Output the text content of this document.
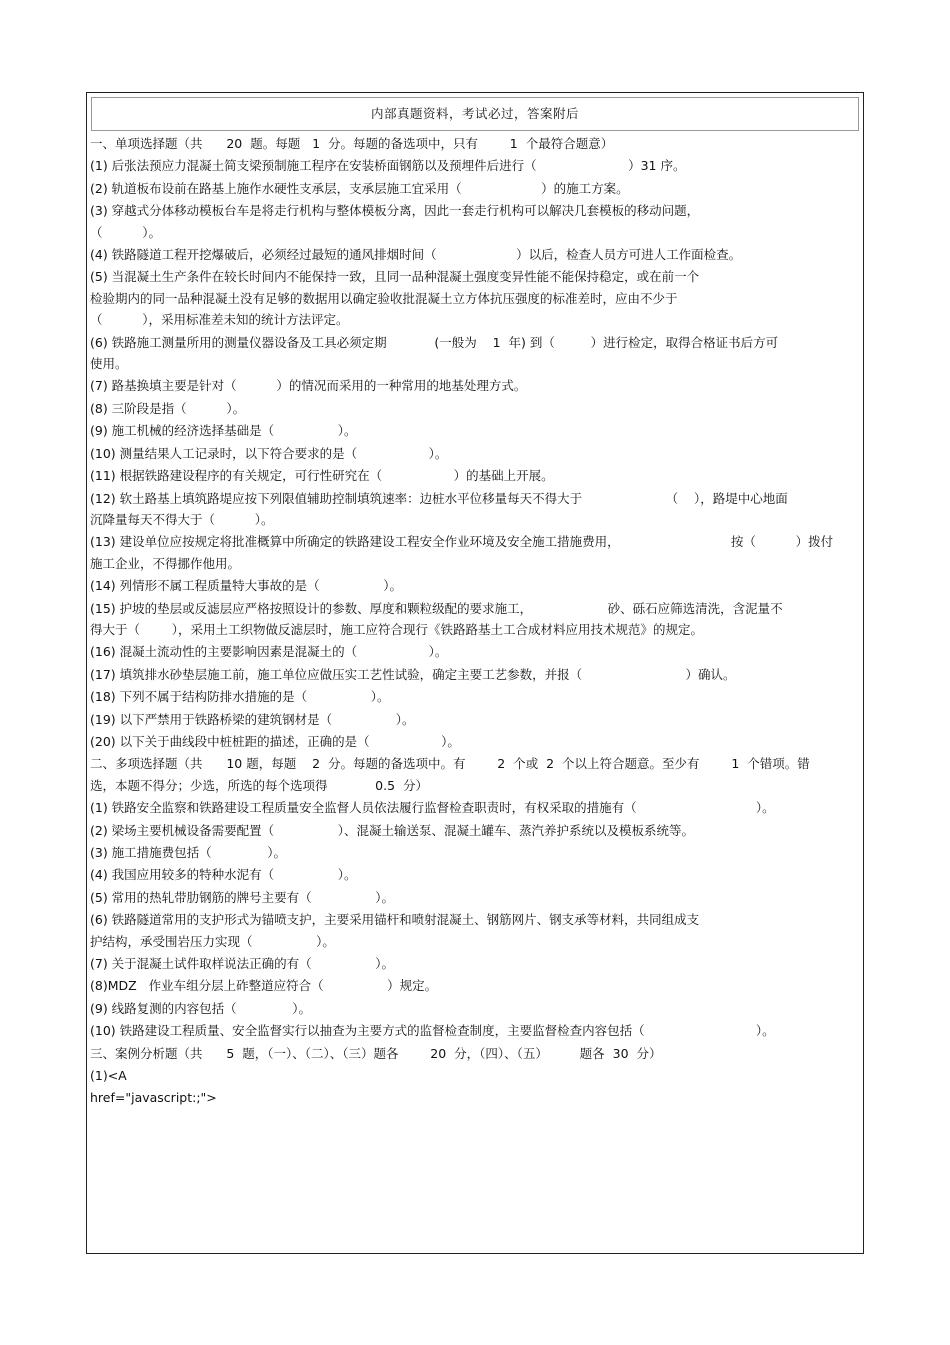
内部真题资料，考试必过，答案附后
一、单项选择题（共      20  题。每题   1  分。每题的备选项中，只有        1  个最符合题意）
(1) 后张法预应力混凝土简支梁预制施工程序在安装桥面钢筋以及预埋件后进行（                       ）31 序。
(2) 轨道板布设前在路基上施作水硬性支承层，支承层施工宜采用（                    ）的施工方案。
(3) 穿越式分体移动模板台车是将走行机构与整体模板分离，因此一套走行机构可以解决几套模板的移动问题，
（          ）。
(4) 铁路隧道工程开挖爆破后，必须经过最短的通风排烟时间（                    ）以后，检查人员方可进人工作面检查。
(5) 当混凝土生产条件在较长时间内不能保持一致，且同一品种混凝土强度变异性能不能保持稳定，或在前一个
检验期内的同一品种混凝土没有足够的数据用以确定验收批混凝土立方体抗压强度的标准差时，应由不少于
（          ），采用标准差未知的统计方法评定。
(6) 铁路施工测量所用的测量仪器设备及工具必须定期            (一般为    1  年) 到（         ）进行检定，取得合格证书后方可
使用。
(7) 路基换填主要是针对（          ）的情况而采用的一种常用的地基处理方式。
(8) 三阶段是指（          ）。
(9) 施工机械的经济选择基础是（                ）。
(10) 测量结果人工记录时，以下符合要求的是（                  ）。
(11) 根据铁路建设程序的有关规定，可行性研究在（                  ）的基础上开展。
(12) 软土路基上填筑路堤应按下列限值辅助控制填筑速率：边桩水平位移量每天不得大于                     （    ），路堤中心地面
沉降量每天不得大于（          ）。
(13) 建设单位应按规定将批准概算中所确定的铁路建设工程安全作业环境及安全施工措施费用，                            按（          ）拨付
施工企业，不得挪作他用。
(14) 列情形不属工程质量特大事故的是（                ）。
(15) 护坡的垫层或反滤层应严格按照设计的参数、厚度和颗粒级配的要求施工，                   砂、砾石应筛选清洗，含泥量不
得大于（        ），采用土工织物做反滤层时，施工应符合现行《铁路路基土工合成材料应用技术规范》的规定。
(16) 混凝土流动性的主要影响因素是混凝土的（                  ）。
(17) 填筑排水砂垫层施工前，施工单位应做压实工艺性试验，确定主要工艺参数，并报（                          ）确认。
(18) 下列不属于结构防排水措施的是（                ）。
(19) 以下严禁用于铁路桥梁的建筑钢材是（                ）。
(20) 以下关于曲线段中桩桩距的描述，正确的是（                  ）。
二、多项选择题（共      10 题，每题    2  分。每题的备选项中。有        2  个或  2  个以上符合题意。至少有        1  个错项。错
选，本题不得分；少选，所选的每个选项得            0.5  分）
(1) 铁路安全监察和铁路建设工程质量安全监督人员依法履行监督检查职责时，有权采取的措施有（                              ）。
(2) 梁场主要机械设备需要配置（                ）、混凝土输送泵、混凝土罐车、蒸汽养护系统以及模板系统等。
(3) 施工措施费包括（              ）。
(4) 我国应用较多的特种水泥有（                ）。
(5) 常用的热轧带肋钢筋的牌号主要有（                ）。
(6) 铁路隧道常用的支护形式为锚喷支护，主要采用锚杆和喷射混凝土、钢筋网片、钢支承等材料，共同组成支
护结构，承受围岩压力实现（                ）。
(7) 关于混凝土试件取样说法正确的有（                ）。
(8)MDZ   作业车组分层上砟整道应符合（                ）规定。
(9) 线路复测的内容包括（              ）。
(10) 铁路建设工程质量、安全监督实行以抽查为主要方式的监督检查制度，主要监督检查内容包括（                            ）。
三、案例分析题（共      5  题，（一）、（二）、（三）题各        20  分，（四）、（五）        题各  30  分）
(1)<A
href="javascript:;">
